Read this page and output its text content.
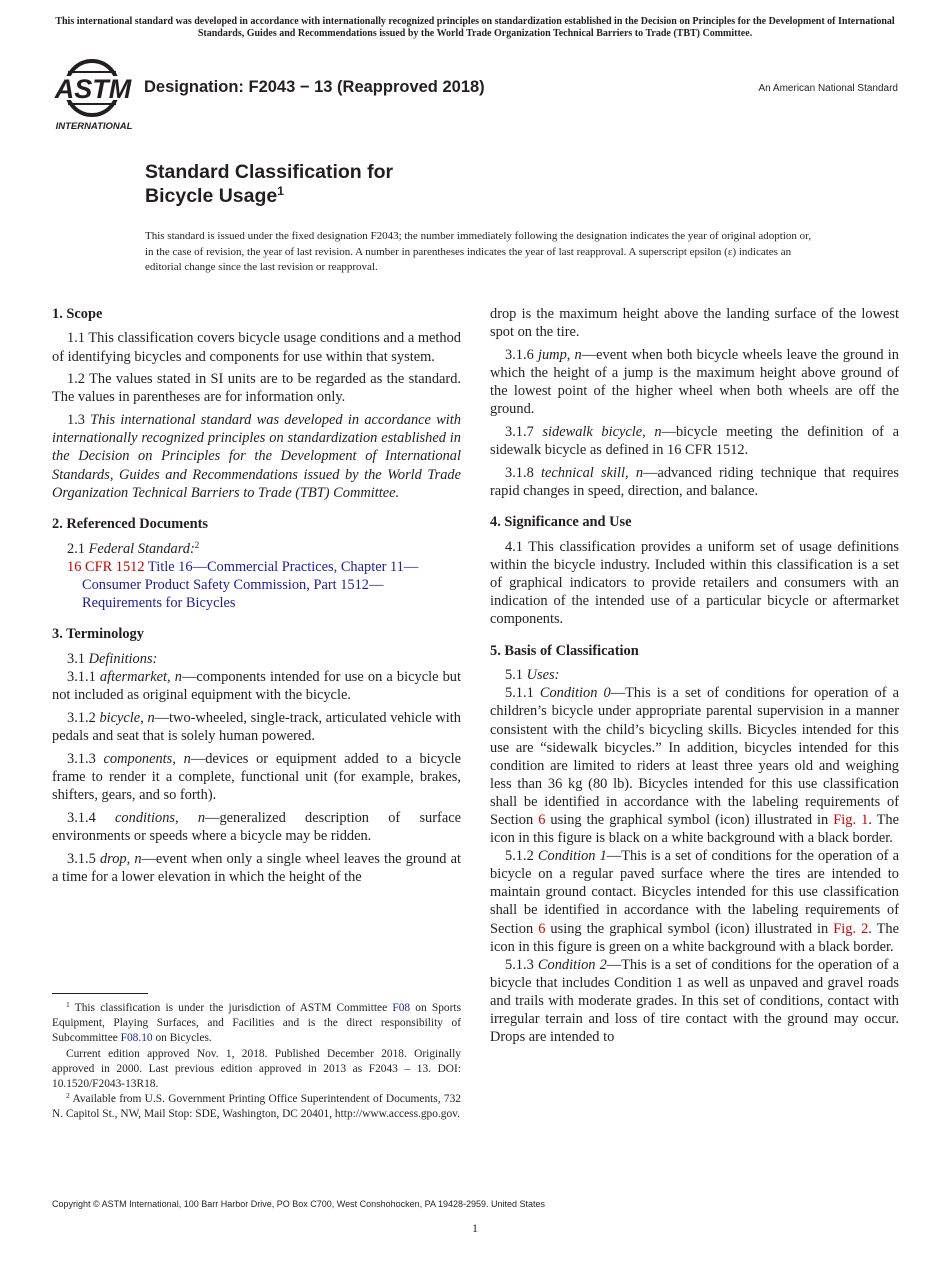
This international standard was developed in accordance with internationally recognized principles on standardization established in the Decision on Principles for the Development of International Standards, Guides and Recommendations issued by the World Trade Organization Technical Barriers to Trade (TBT) Committee.
ASTM
INTERNATIONAL
Designation: F2043 − 13 (Reapproved 2018)	An American National Standard
Standard Classification for
Bicycle Usage$^1$
This standard is issued under the fixed designation F2043; the number immediately following the designation indicates the year of original adoption or, in the case of revision, the year of last revision. A number in parentheses indicates the year of last reapproval. A superscript epsilon (ε) indicates an editorial change since the last revision or reapproval.
1. Scope

1.1 This classification covers bicycle usage conditions and a method of identifying bicycles and components for use within that system.

1.2 The values stated in SI units are to be regarded as the standard. The values in parentheses are for information only.

1.3 This international standard was developed in accordance with internationally recognized principles on standardization established in the Decision on Principles for the Development of International Standards, Guides and Recommendations issued by the World Trade Organization Technical Barriers to Trade (TBT) Committee.

2. Referenced Documents

2.1 Federal Standard:$^2$

16 CFR 1512 Title 16—Commercial Practices, Chapter 11—Consumer Product Safety Commission, Part 1512—Requirements for Bicycles

3. Terminology

3.1 Definitions:

3.1.1 aftermarket, n—components intended for use on a bicycle but not included as original equipment with the bicycle.

3.1.2 bicycle, n—two-wheeled, single-track, articulated vehicle with pedals and seat that is solely human powered.

3.1.3 components, n—devices or equipment added to a bicycle frame to render it a complete, functional unit (for example, brakes, shifters, gears, and so forth).

3.1.4 conditions, n—generalized description of surface environments or speeds where a bicycle may be ridden.

3.1.5 drop, n—event when only a single wheel leaves the ground at a time for a lower elevation in which the height of the

drop is the maximum height above the landing surface of the lowest spot on the tire.

3.1.6 jump, n—event when both bicycle wheels leave the ground in which the height of a jump is the maximum height above ground of the lowest point of the higher wheel when both wheels are off the ground.

3.1.7 sidewalk bicycle, n—bicycle meeting the definition of a sidewalk bicycle as defined in 16 CFR 1512.

3.1.8 technical skill, n—advanced riding technique that requires rapid changes in speed, direction, and balance.

4. Significance and Use

4.1 This classification provides a uniform set of usage definitions within the bicycle industry. Included within this classification is a set of graphical indicators to provide retailers and consumers with an indication of the intended use of a particular bicycle or aftermarket components.

5. Basis of Classification

5.1 Uses:

5.1.1 Condition 0—This is a set of conditions for operation of a children’s bicycle under appropriate parental supervision in a manner consistent with the child’s bicycling skills. Bicycles intended for this use are “sidewalk bicycles.” In addition, bicycles intended for this condition are limited to riders at least three years old and weighing less than 36 kg (80 lb). Bicycles intended for this use classification shall be identified in accordance with the labeling requirements of Section 6 using the graphical symbol (icon) illustrated in Fig. 1. The icon in this figure is black on a white background with a black border.

5.1.2 Condition 1—This is a set of conditions for the operation of a bicycle on a regular paved surface where the tires are intended to maintain ground contact. Bicycles intended for this use classification shall be identified in accordance with the labeling requirements of Section 6 using the graphical symbol (icon) illustrated in Fig. 2. The icon in this figure is green on a white background with a black border.

5.1.3 Condition 2—This is a set of conditions for the operation of a bicycle that includes Condition 1 as well as unpaved and gravel roads and trails with moderate grades. In this set of conditions, contact with irregular terrain and loss of tire contact with the ground may occur. Drops are intended to

$^1$ This classification is under the jurisdiction of ASTM Committee F08 on Sports Equipment, Playing Surfaces, and Facilities and is the direct responsibility of Subcommittee F08.10 on Bicycles.

Current edition approved Nov. 1, 2018. Published December 2018. Originally approved in 2000. Last previous edition approved in 2013 as F2043 – 13. DOI: 10.1520/F2043-13R18.

$^2$ Available from U.S. Government Printing Office Superintendent of Documents, 732 N. Capitol St., NW, Mail Stop: SDE, Washington, DC 20401, http://www.access.gpo.gov.

Copyright © ASTM International, 100 Barr Harbor Drive, PO Box C700, West Conshohocken, PA 19428-2959. United States
1
